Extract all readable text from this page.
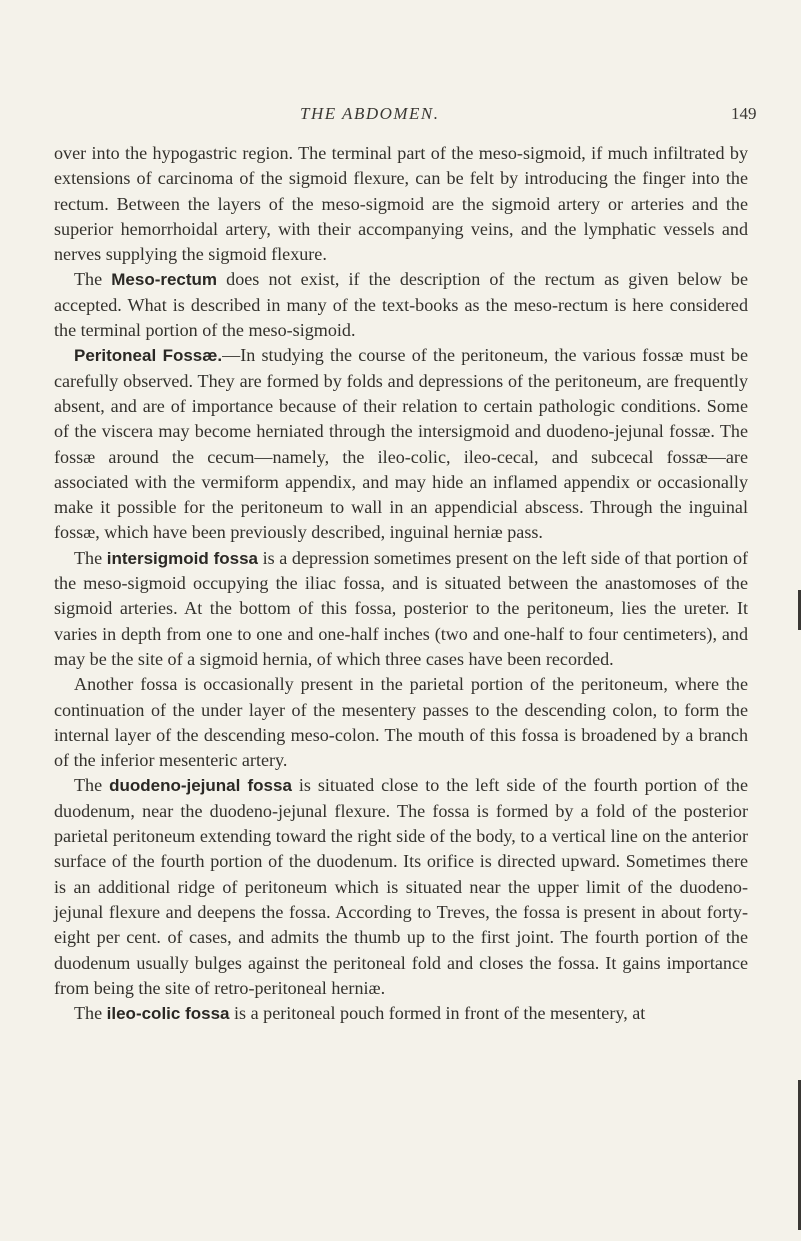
THE ABDOMEN.	149

over into the hypogastric region. The terminal part of the meso-sigmoid, if much infiltrated by extensions of carcinoma of the sigmoid flexure, can be felt by introducing the finger into the rectum. Between the layers of the meso-sigmoid are the sigmoid artery or arteries and the superior hemorrhoidal artery, with their accompanying veins, and the lymphatic vessels and nerves supplying the sigmoid flexure.

The Meso-rectum does not exist, if the description of the rectum as given below be accepted. What is described in many of the text-books as the meso-rectum is here considered the terminal portion of the meso-sigmoid.

Peritoneal Fossæ.—In studying the course of the peritoneum, the various fossæ must be carefully observed. They are formed by folds and depressions of the peritoneum, are frequently absent, and are of importance because of their relation to certain pathologic conditions. Some of the viscera may become herniated through the intersigmoid and duodeno-jejunal fossæ. The fossæ around the cecum—namely, the ileo-colic, ileo-cecal, and subcecal fossæ—are associated with the vermiform appendix, and may hide an inflamed appendix or occasionally make it possible for the peritoneum to wall in an appendicial abscess. Through the inguinal fossæ, which have been previously described, inguinal herniæ pass.

The intersigmoid fossa is a depression sometimes present on the left side of that portion of the meso-sigmoid occupying the iliac fossa, and is situated between the anastomoses of the sigmoid arteries. At the bottom of this fossa, posterior to the peritoneum, lies the ureter. It varies in depth from one to one and one-half inches (two and one-half to four centimeters), and may be the site of a sigmoid hernia, of which three cases have been recorded.

Another fossa is occasionally present in the parietal portion of the peritoneum, where the continuation of the under layer of the mesentery passes to the descending colon, to form the internal layer of the descending meso-colon. The mouth of this fossa is broadened by a branch of the inferior mesenteric artery.

The duodeno-jejunal fossa is situated close to the left side of the fourth portion of the duodenum, near the duodeno-jejunal flexure. The fossa is formed by a fold of the posterior parietal peritoneum extending toward the right side of the body, to a vertical line on the anterior surface of the fourth portion of the duodenum. Its orifice is directed upward. Sometimes there is an additional ridge of peritoneum which is situated near the upper limit of the duodeno-jejunal flexure and deepens the fossa. According to Treves, the fossa is present in about forty-eight per cent. of cases, and admits the thumb up to the first joint. The fourth portion of the duodenum usually bulges against the peritoneal fold and closes the fossa. It gains importance from being the site of retro-peritoneal herniæ.

The ileo-colic fossa is a peritoneal pouch formed in front of the mesentery, at
